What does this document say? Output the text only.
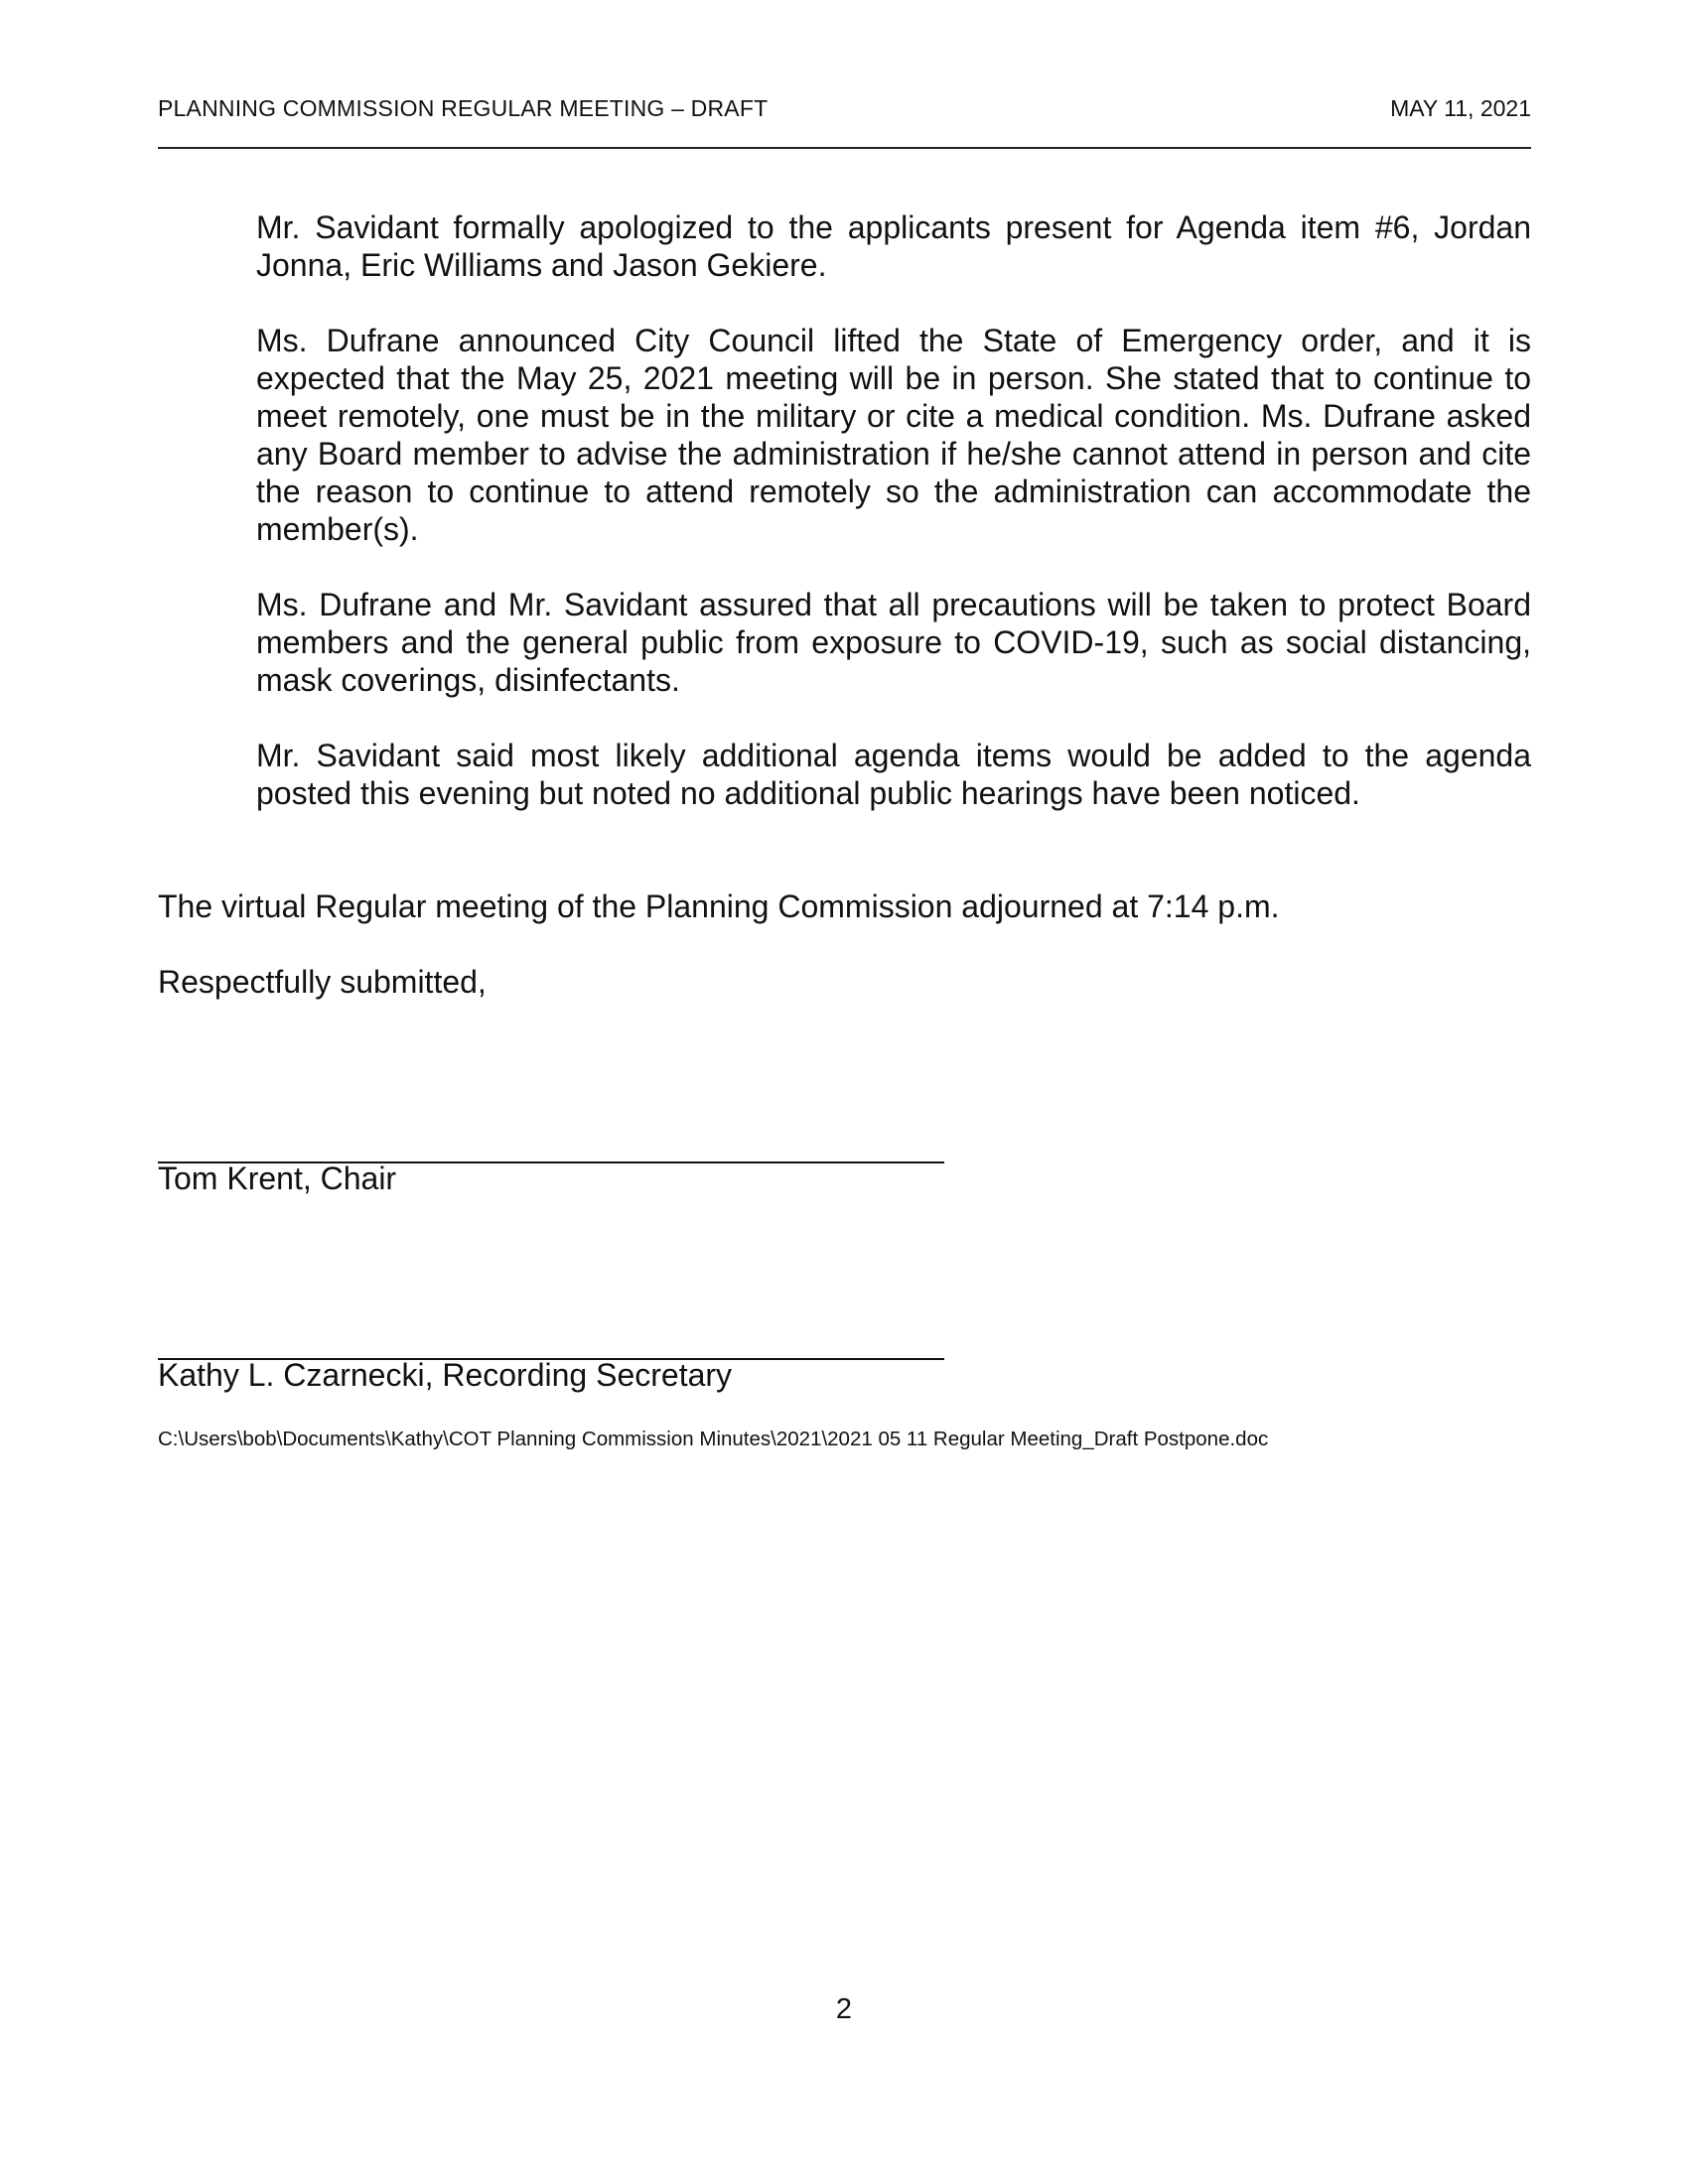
PLANNING COMMISSION REGULAR MEETING – DRAFT	MAY 11, 2021

Mr. Savidant formally apologized to the applicants present for Agenda item #6, Jordan Jonna, Eric Williams and Jason Gekiere.

Ms. Dufrane announced City Council lifted the State of Emergency order, and it is expected that the May 25, 2021 meeting will be in person. She stated that to continue to meet remotely, one must be in the military or cite a medical condition. Ms. Dufrane asked any Board member to advise the administration if he/she cannot attend in person and cite the reason to continue to attend remotely so the administration can accommodate the member(s).

Ms. Dufrane and Mr. Savidant assured that all precautions will be taken to protect Board members and the general public from exposure to COVID-19, such as social distancing, mask coverings, disinfectants.

Mr. Savidant said most likely additional agenda items would be added to the agenda posted this evening but noted no additional public hearings have been noticed.

The virtual Regular meeting of the Planning Commission adjourned at 7:14 p.m.
Respectfully submitted,
Tom Krent, Chair
Kathy L. Czarnecki, Recording Secretary
C:\Users\bob\Documents\Kathy\COT Planning Commission Minutes\2021\2021 05 11 Regular Meeting_Draft Postpone.doc
2
